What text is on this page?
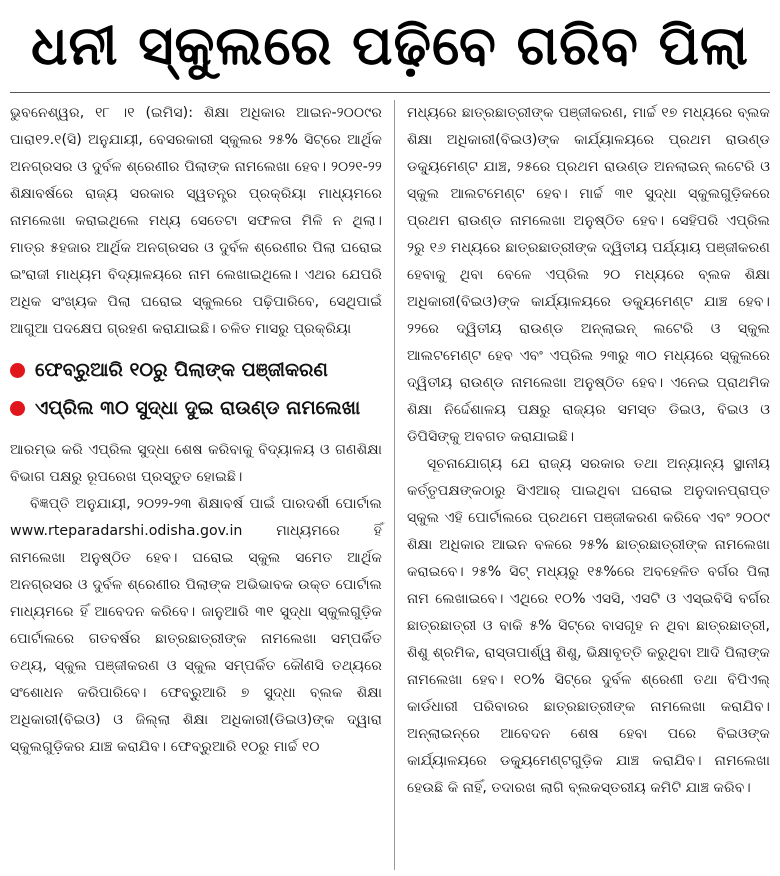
ଧନୀ ସ୍କୁଲରେ ପଢ଼ିବେ ଗରିବ ପିଲା

ଭୁବନେଶ୍ୱର, ୧୮ ।୧ (ଇମିସ): ଶିକ୍ଷା ଅଧିକାର ଆଇନ-୨୦୦୯ର ପାରା୧୨.୧(ସି) ଅନୁଯାୟୀ, ବେସରକାରୀ ସ୍କୁଲର ୨୫% ସିଟ୍‌ରେ ଆର୍ଥିକ ଅନଗ୍ରସର ଓ ଦୁର୍ବଳ ଶ୍ରେଣୀର ପିଲାଙ୍କ ନାମଲେଖା ହେବ। ୨୦୨୧-୨୨ ଶିକ୍ଷାବର୍ଷରେ ରାଜ୍ୟ ସରକାର ସ୍ୱତନ୍ତ୍ର ପ୍ରକ୍ରିୟା ମାଧ୍ୟମରେ ନାମଲେଖା କରାଇଥିଲେ ମଧ୍ୟ ସେତେଟା ସଫଳତା ମିଳି ନ ଥିଲା। ମାତ୍ର ୫ହଜାର ଆର୍ଥିକ ଅନଗ୍ରସର ଓ ଦୁର୍ବଳ ଶ୍ରେଣୀର ପିଲା ଘରୋଇ ଇଂରାଜୀ ମାଧ୍ୟମ ବିଦ୍ୟାଳୟରେ ନାମ ଲେଖାଇଥିଲେ। ଏଥର ଯେପରି ଅଧିକ ସଂଖ୍ୟକ ପିଲା ଘରୋଇ ସ୍କୁଲରେ ପଢ଼ିପାରିବେ, ସେଥିପାଇଁ ଆଗୁଆ ପଦକ୍ଷେପ ଗ୍ରହଣ କରାଯାଇଛି। ଚଳିତ ମାସରୁ ପ୍ରକ୍ରିୟା

ଫେବ୍ରୁଆରି ୧୦ରୁ ପିଲାଙ୍କ ପଞ୍ଜୀକରଣ
ଏପ୍ରିଲ ୩୦ ସୁଦ୍ଧା ଦୁଇ ରାଉଣ୍ଡ ନାମଲେଖା

ଆରମ୍ଭ କରି ଏପ୍ରିଲ ସୁଦ୍ଧା ଶେଷ କରିବାକୁ ବିଦ୍ୟାଳୟ ଓ ଗଣଶିକ୍ଷା ବିଭାଗ ପକ୍ଷରୁ ରୂପରେଖ ପ୍ରସ୍ତୁତ ହୋଇଛି।

ବିଜ୍ଞପ୍ତି ଅନୁଯାୟୀ, ୨୦୨୨-୨୩ ଶିକ୍ଷାବର୍ଷ ପାଇଁ ପାରଦର୍ଶୀ ପୋର୍ଟାଲ www.rteparadarshi.odisha.gov.in ମାଧ୍ୟମରେ ହିଁ ନାମଲେଖା ଅନୁଷ୍ଠିତ ହେବ। ଘରୋଇ ସ୍କୁଲ ସମେତ ଆର୍ଥିକ ଅନଗ୍ରସର ଓ ଦୁର୍ବଳ ଶ୍ରେଣୀର ପିଲାଙ୍କ ଅଭିଭାବକ ଉକ୍ତ ପୋର୍ଟାଲ ମାଧ୍ୟମରେ ହିଁ ଆବେଦନ କରିବେ। ଜାନୁଆରି ୩୧ ସୁଦ୍ଧା ସ୍କୁଲଗୁଡ଼ିକ ପୋର୍ଟାଲରେ ଗତବର୍ଷର ଛାତ୍ରଛାତ୍ରୀଙ୍କ ନାମଲେଖା ସମ୍ପର୍କିତ ତଥ୍ୟ, ସ୍କୁଲ ପଞ୍ଜୀକରଣ ଓ ସ୍କୁଲ ସମ୍ପର୍କିତ କୌଣସି ତଥ୍ୟରେ ସଂଶୋଧନ କରିପାରିବେ। ଫେବ୍ରୁଆରି ୭ ସୁଦ୍ଧା ବ୍ଲକ ଶିକ୍ଷା ଅଧିକାରୀ(ବିଇଓ) ଓ ଜିଲ୍ଲା ଶିକ୍ଷା ଅଧିକାରୀ(ଡିଇଓ)ଙ୍କ ଦ୍ୱାରା ସ୍କୁଲଗୁଡ଼ିକର ଯାଞ୍ଚ କରାଯିବ। ଫେବ୍ରୁଆରି ୧୦ରୁ ମାର୍ଚ୍ଚ ୧୦

ମଧ୍ୟରେ ଛାତ୍ରଛାତ୍ରୀଙ୍କ ପଞ୍ଜୀକରଣ, ମାର୍ଚ୍ଚ ୧୭ ମଧ୍ୟରେ ବ୍ଲକ ଶିକ୍ଷା ଅଧିକାରୀ(ବିଇଓ)ଙ୍କ କାର୍ଯ୍ୟାଳୟରେ ପ୍ରଥମ ରାଉଣ୍ଡ ଡକ୍ୟୁମେଣ୍ଟ ଯାଞ୍ଚ, ୨୫ରେ ପ୍ରଥମ ରାଉଣ୍ଡ ଅନଲାଇନ୍ ଲଟେରି ଓ ସ୍କୁଲ ଆଲଟମେଣ୍ଟ ହେବ। ମାର୍ଚ୍ଚ ୩୧ ସୁଦ୍ଧା ସ୍କୁଲଗୁଡ଼ିକରେ ପ୍ରଥମ ରାଉଣ୍ଡ ନାମଲେଖା ଅନୁଷ୍ଠିତ ହେବ। ସେହିପରି ଏପ୍ରିଲ ୨ରୁ ୧୬ ମଧ୍ୟରେ ଛାତ୍ରଛାତ୍ରୀଙ୍କ ଦ୍ୱିତୀୟ ପର୍ଯ୍ୟାୟ ପଞ୍ଜୀକରଣ ହେବାକୁ ଥିବା ବେଳେ ଏପ୍ରିଲ ୨୦ ମଧ୍ୟରେ ବ୍ଲକ ଶିକ୍ଷା ଅଧିକାରୀ(ବିଇଓ)ଙ୍କ କାର୍ଯ୍ୟାଳୟରେ ଡକ୍ୟୁମେଣ୍ଟ ଯାଞ୍ଚ ହେବ। ୨୨ରେ ଦ୍ୱିତୀୟ ରାଉଣ୍ଡ ଅନ୍‌ଲାଇନ୍ ଲଟେରି ଓ ସ୍କୁଲ ଆଲଟମେଣ୍ଟ ହେବ ଏବଂ ଏପ୍ରିଲ ୨୩ରୁ ୩୦ ମଧ୍ୟରେ ସ୍କୁଲରେ ଦ୍ୱିତୀୟ ରାଉଣ୍ଡ ନାମଲେଖା ଅନୁଷ୍ଠିତ ହେବ। ଏନେଇ ପ୍ରାଥମିକ ଶିକ୍ଷା ନିର୍ଦ୍ଦେଶାଳୟ ପକ୍ଷରୁ ରାଜ୍ୟର ସମସ୍ତ ଡିଇଓ, ବିଇଓ ଓ ଡିପିସିଙ୍କୁ ଅବଗତ କରାଯାଇଛି।

ସୂଚନାଯୋଗ୍ୟ ଯେ ରାଜ୍ୟ ସରକାର ତଥା ଅନ୍ୟାନ୍ୟ ସ୍ଥାନୀୟ କର୍ତ୍ତୃପକ୍ଷଙ୍କଠାରୁ ସିଏଆର୍ ପାଇଥିବା ଘରୋଇ ଅନୁଦାନପ୍ରାପ୍ତ ସ୍କୁଲ ଏହି ପୋର୍ଟାଲରେ ପ୍ରଥମେ ପଞ୍ଜୀକରଣ କରିବେ ଏବଂ ୨୦୦୯ ଶିକ୍ଷା ଅଧିକାର ଆଇନ ବଳରେ ୨୫% ଛାତ୍ରଛାତ୍ରୀଙ୍କ ନାମଲେଖା କରାଇବେ। ୨୫% ସିଟ୍ ମଧ୍ୟରୁ ୧୫%ରେ ଅବହେଳିତ ବର୍ଗର ପିଲା ନାମ ଲେଖାଇବେ। ଏଥିରେ ୧୦% ଏସସି, ଏସଟି ଓ ଏସ୍‌ଇବିସି ବର୍ଗର ଛାତ୍ରଛାତ୍ରୀ ଓ ବାକି ୫% ସିଟ୍‌ରେ ବାସଗୃହ ନ ଥିବା ଛାତ୍ରଛାତ୍ରୀ, ଶିଶୁ ଶ୍ରମିକ, ରାସ୍ତାପାର୍ଶ୍ୱ ଶିଶୁ, ଭିକ୍ଷାବୃତ୍ତି କରୁଥିବା ଆଦି ପିଲାଙ୍କ ନାମଲେଖା ହେବ। ୧୦% ସିଟ୍‌ରେ ଦୁର୍ବଳ ଶ୍ରେଣୀ ତଥା ବିପିଏଲ୍ କାର୍ଡଧାରୀ ପରିବାରର ଛାତ୍ରଛାତ୍ରୀଙ୍କ ନାମଲେଖା କରାଯିବ। ଅନ୍‌ଲାଇନ୍‌ରେ ଆବେଦନ ଶେଷ ହେବା ପରେ ବିଇଓଙ୍କ କାର୍ଯ୍ୟାଳୟରେ ଡକ୍ୟୁମେଣ୍ଟଗୁଡ଼ିକ ଯାଞ୍ଚ କରାଯିବ। ନାମଲେଖା ହେଉଛି କି ନାହିଁ, ତଦାରଖ ଲାଗି ବ୍ଲକସ୍ତରୀୟ କମିଟି ଯାଞ୍ଚ କରିବ।
